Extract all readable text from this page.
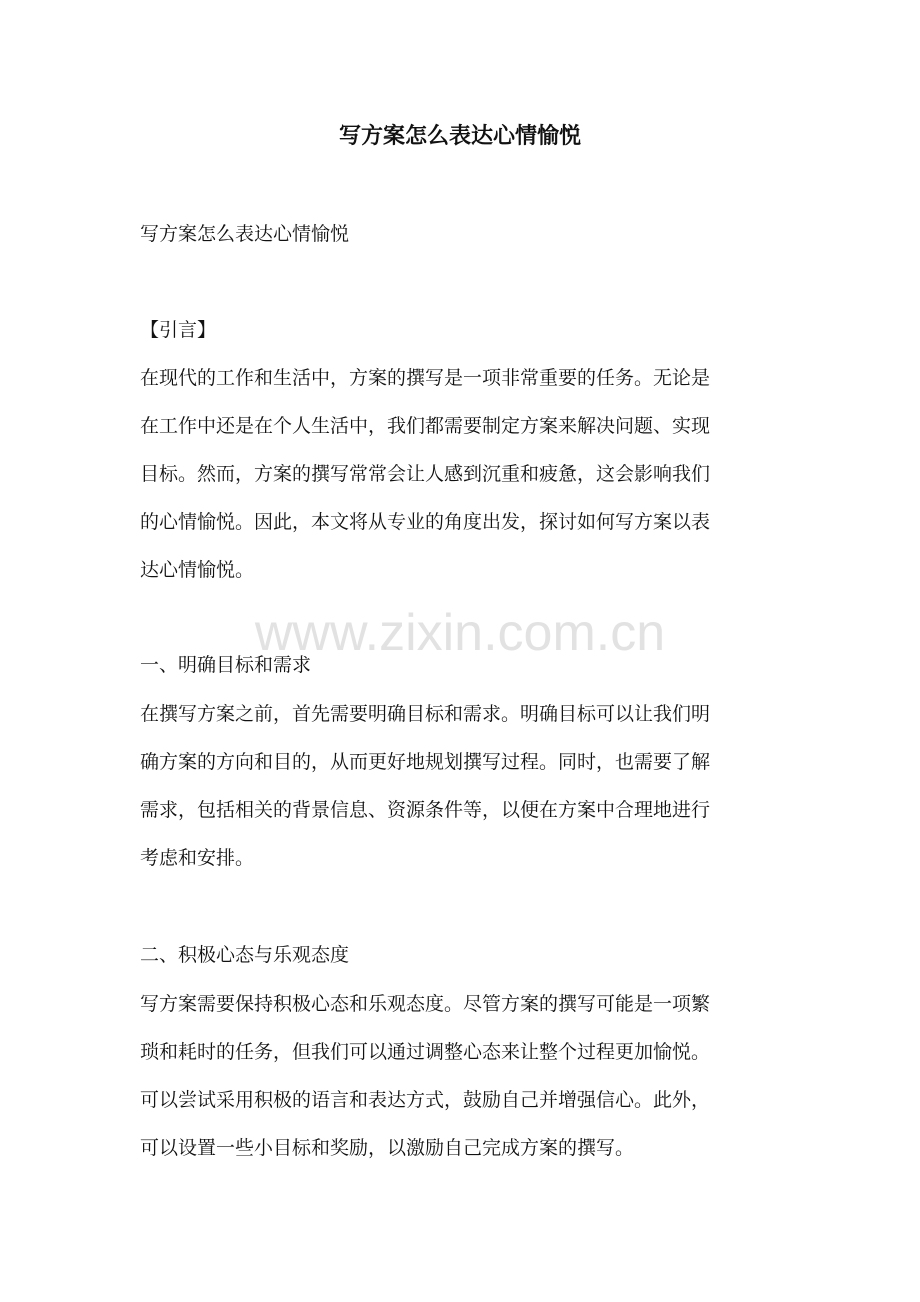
写方案怎么表达心情愉悦

写方案怎么表达心情愉悦

【引言】

在现代的工作和生活中，方案的撰写是一项非常重要的任务。无论是
在工作中还是在个人生活中，我们都需要制定方案来解决问题、实现
目标。然而，方案的撰写常常会让人感到沉重和疲惫，这会影响我们
的心情愉悦。因此，本文将从专业的角度出发，探讨如何写方案以表
达心情愉悦。
www.zixin.com.cn

一、明确目标和需求

在撰写方案之前，首先需要明确目标和需求。明确目标可以让我们明
确方案的方向和目的，从而更好地规划撰写过程。同时，也需要了解
需求，包括相关的背景信息、资源条件等，以便在方案中合理地进行
考虑和安排。

二、积极心态与乐观态度

写方案需要保持积极心态和乐观态度。尽管方案的撰写可能是一项繁
琐和耗时的任务，但我们可以通过调整心态来让整个过程更加愉悦。
可以尝试采用积极的语言和表达方式，鼓励自己并增强信心。此外，
可以设置一些小目标和奖励，以激励自己完成方案的撰写。
